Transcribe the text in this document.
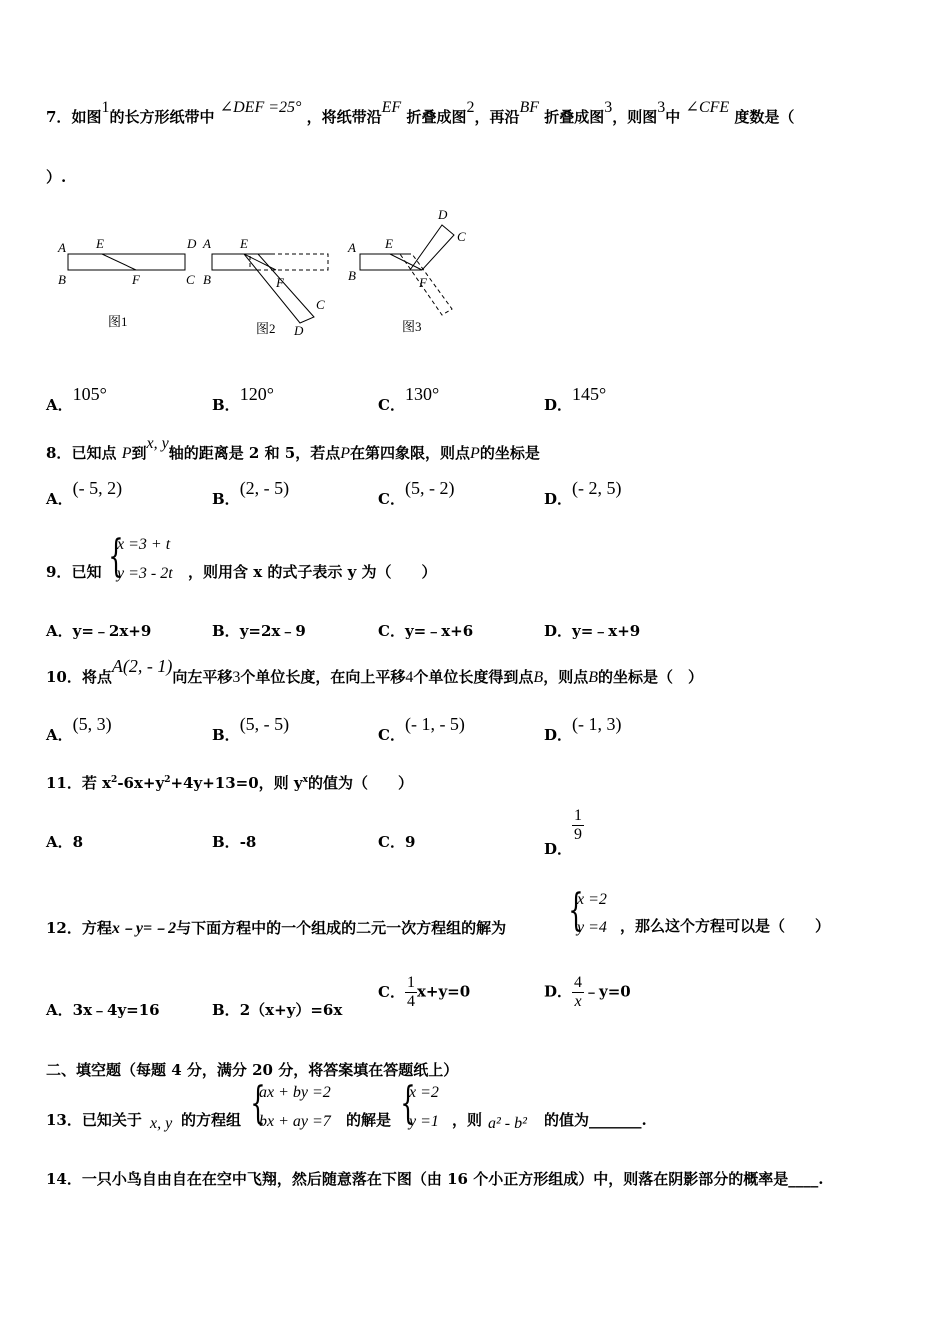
7．如图1的长方形纸带中 ∠DEF =25° ，将纸带沿EF 折叠成图2，再沿BF 折叠成图3，则图3中 ∠CFE 度数是（
）.
A E	D
B	F	C
图1
A E
B	F
C
D
图2
A E
D
C
B	F
图3
A．105°
B．120°
C．130°
D．145°
8．已知点 P到x, y轴的距离是 2 和 5，若点P在第四象限，则点P的坐标是
A．(- 5, 2)
B．(2, - 5)
C．(5, - 2)
D．(- 2, 5)
9．已知 {
x =3 + t
y =3 - 2t ，则用含 x 的式子表示 y 为（　　）
A．y=﹣2x+9	B．y=2x﹣9	C．y=﹣x+6	D．y=﹣x+9
10．将点A(2, - 1)向左平移3个单位长度，在向上平移4个单位长度得到点B，则点B的坐标是（　）
A．(5, 3)
B．(5, - 5)
C．(- 1, - 5)
D．(- 1, 3)
11．若 $x^2-6x+y^2+4y+13=0$，则 $y^x$的值为（　　）
A．8	B．-8	C．9	D．
$\frac{1}{9}$
12．方程x﹣y=﹣2与下面方程中的一个组成的二元一次方程组的解为 {
x =2
y =4 ，那么这个方程可以是（　　）
A．3x﹣4y=16	B．2（x+y）=6x
C． $\frac{1}{4} x+y=0$	D． $\frac{4}{x}$ ﹣y=0
二、填空题（每题 4 分，满分 20 分，将答案填在答题纸上）
13．已知关于 x, y 的方程组 {
ax + by =2
bx + ay =7 的解是 {
x =2
y =1 ，则 a² - b² 的值为_______.
14．一只小鸟自由自在在空中飞翔，然后随意落在下图（由 16 个小正方形组成）中，则落在阴影部分的概率是____.
